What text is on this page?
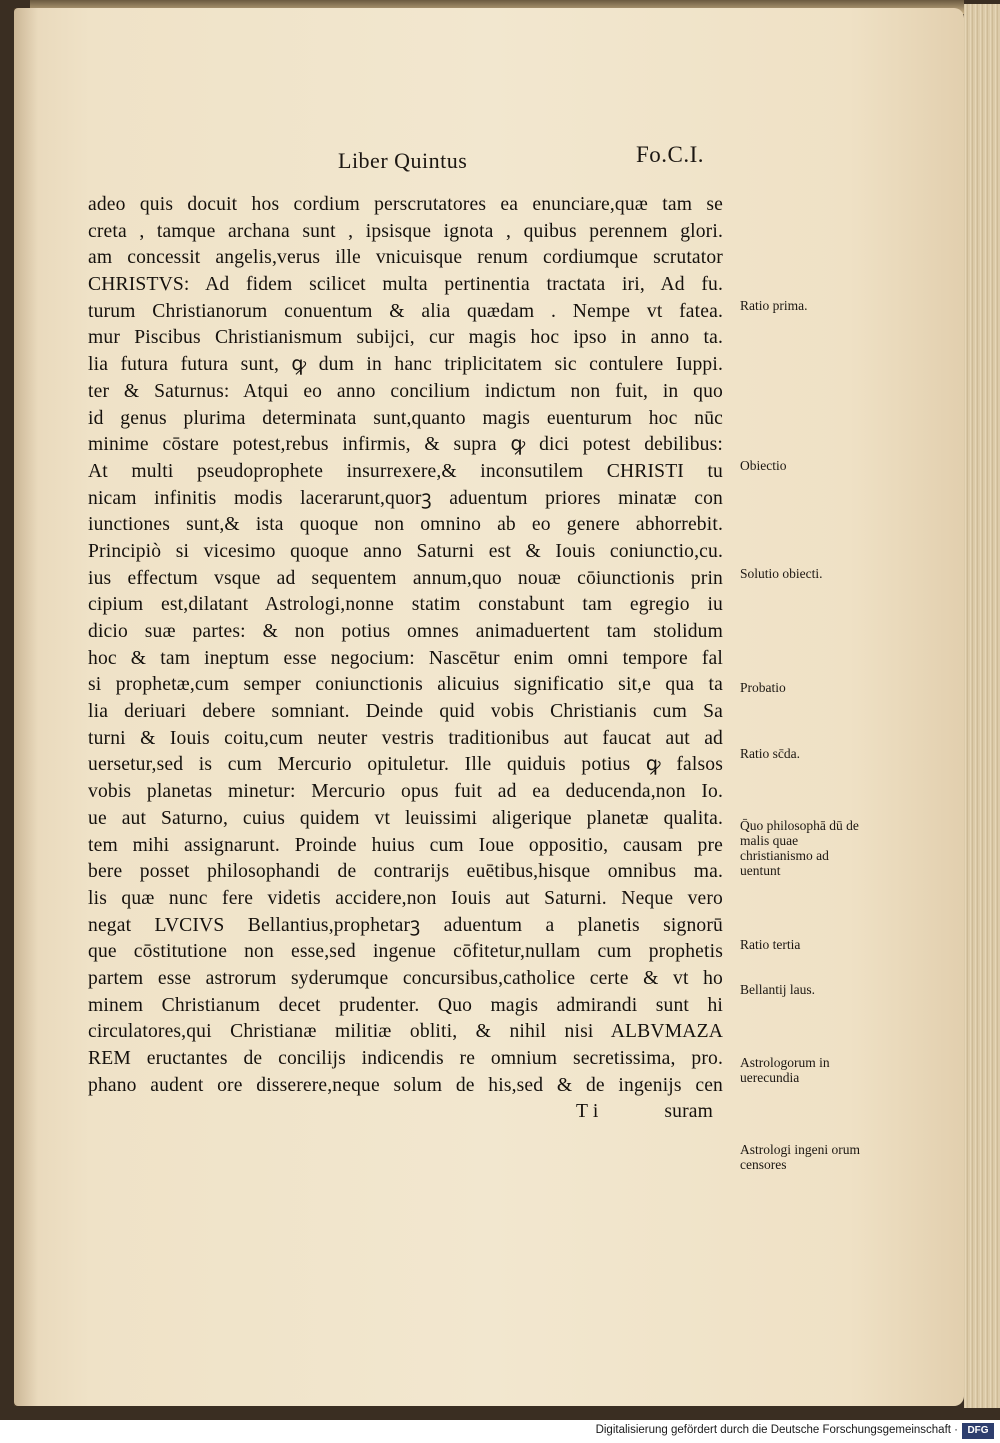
Liber Quintus	Fo.C.I.
adeo quis docuit hos cordium perscrutatores ea enunciare,quæ tam se
creta , tamque archana sunt , ipsisque ignota , quibus perennem glori.
am concessit angelis,verus ille vnicuisque renum cordiumque scrutator
CHRISTVS: Ad fidem scilicet multa pertinentia tractata iri, Ad fu.
turum Christianorum conuentum & alia quædam . Nempe vt fatea.
mur Piscibus Christianismum subijci, cur magis hoc ipso in anno ta.
lia futura futura sunt, ꝙ dum in hanc triplicitatem sic contulere Iuppi.
ter & Saturnus: Atqui eo anno concilium indictum non fuit, in quo
id genus plurima determinata sunt,quanto magis euenturum hoc nūc
minime cōstare potest,rebus infirmis, & supra ꝙ dici potest debilibus:
At multi pseudoprophete insurrexere,& inconsutilem CHRISTI tu
nicam infinitis modis lacerarunt,quorꝫ aduentum priores minatæ con
iunctiones sunt,& ista quoque non omnino ab eo genere abhorrebit.
Principiò si vicesimo quoque anno Saturni est & Iouis coniunctio,cu.
ius effectum vsque ad sequentem annum,quo nouæ cōiunctionis prin
cipium est,dilatant Astrologi,nonne statim constabunt tam egregio iu
dicio suæ partes: & non potius omnes animaduertent tam stolidum
hoc & tam ineptum esse negocium: Nascētur enim omni tempore fal
si prophetæ,cum semper coniunctionis alicuius significatio sit,e qua ta
lia deriuari debere somniant. Deinde quid vobis Christianis cum Sa
turni & Iouis coitu,cum neuter vestris traditionibus aut faucat aut ad
uersetur,sed is cum Mercurio opituletur. Ille quiduis potius ꝙ falsos
vobis planetas minetur: Mercurio opus fuit ad ea deducenda,non Io.
ue aut Saturno, cuius quidem vt leuissimi aligerique planetæ qualita.
tem mihi assignarunt. Proinde huius cum Ioue oppositio, causam pre
bere posset philosophandi de contrarijs euētibus,hisque omnibus ma.
lis quæ nunc fere videtis accidere,non Iouis aut Saturni. Neque vero
negat LVCIVS Bellantius,prophetarꝫ aduentum a planetis signorū
que cōstitutione non esse,sed ingenue cōfitetur,nullam cum prophetis
partem esse astrorum syderumque concursibus,catholice certe & vt ho
minem Christianum decet prudenter. Quo magis admirandi sunt hi
circulatores,qui Christianæ militiæ obliti, & nihil nisi ALBVMAZA
REM eructantes de concilijs indicendis re omnium secretissima, pro.
phano audent ore disserere,neque solum de his,sed & de ingenijs cen
T i	suram
Ratio prima.
Obiectio
Solutio obiecti.
Probatio
Ratio sc̄da.
Q̄uo philosophā dū de malis quae christianismo ad uentunt
Ratio tertia
Bellantij laus.
Astrologorum in uerecundia
Astrologi ingeni orum censores
Digitalisierung gefördert durch die Deutsche Forschungsgemeinschaft · DFG
